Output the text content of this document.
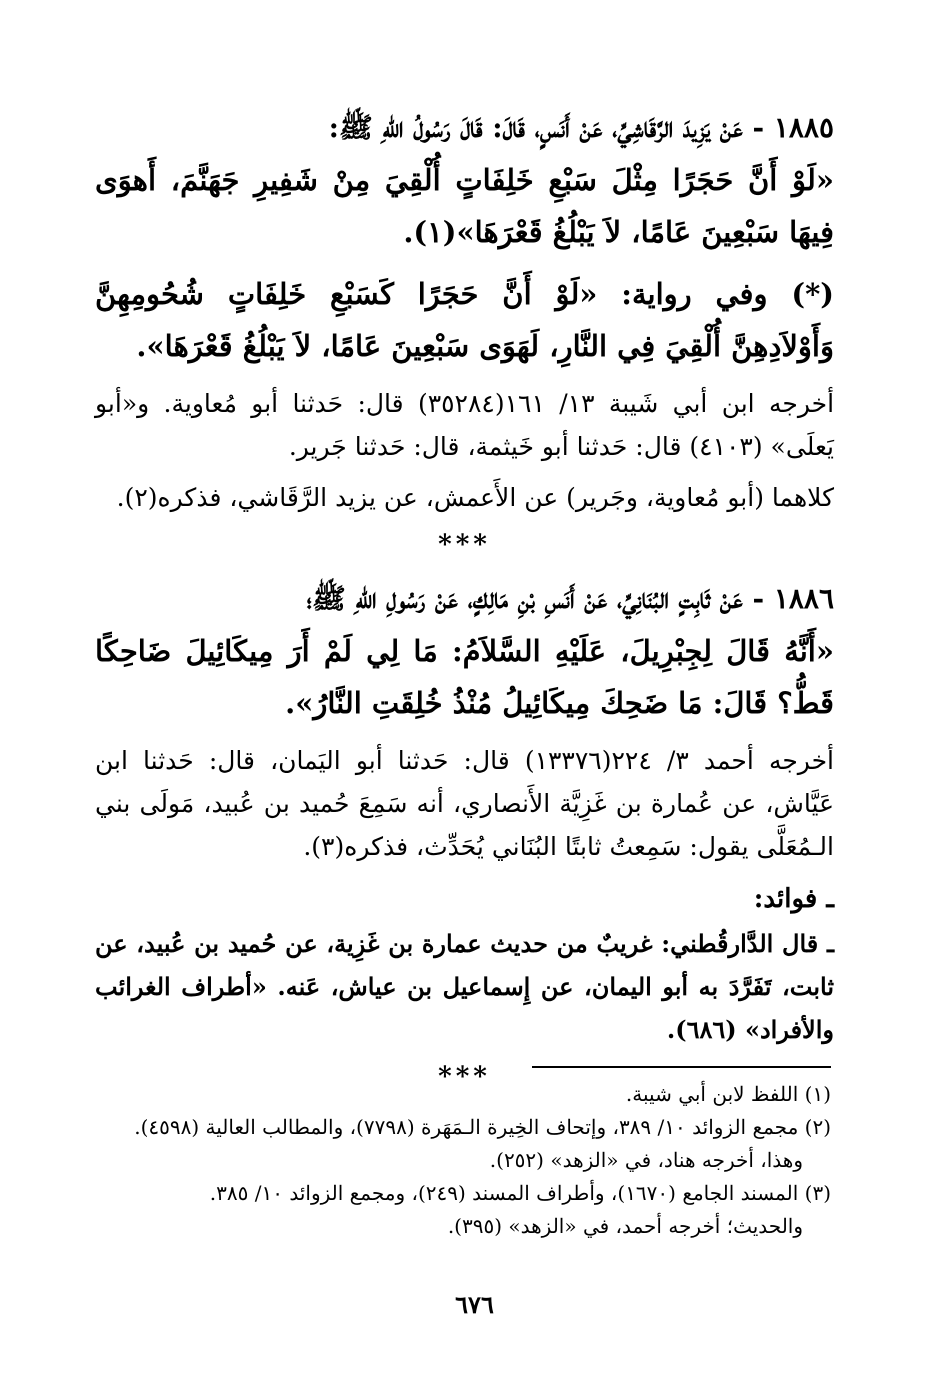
١٨٨٥ - عَنْ يَزِيدَ الرَّقَاشِيِّ، عَنْ أَنَسٍ، قَالَ: قَالَ رَسُولُ اللهِ ﷺ:

«لَوْ أَنَّ حَجَرًا مِثْلَ سَبْعِ خَلِفَاتٍ أُلْقِيَ مِنْ شَفِيرِ جَهَنَّمَ، أَهوَى فِيهَا سَبْعِينَ عَامًا، لاَ يَبْلُغُ قَعْرَهَا»(١).

(*) وفي رواية: «لَوْ أَنَّ حَجَرًا كَسَبْعِ خَلِفَاتٍ شُحُومِهِنَّ وَأَوْلاَدِهِنَّ أُلْقِيَ فِي النَّارِ، لَهَوَى سَبْعِينَ عَامًا، لاَ يَبْلُغُ قَعْرَهَا».

أخرجه ابن أبي شَيبة ١٣/ ١٦١(٣٥٢٨٤) قال: حَدثنا أبو مُعاوية. و«أبو يَعلَى» (٤١٠٣) قال: حَدثنا أبو خَيثمة، قال: حَدثنا جَرير.

كلاهما (أبو مُعاوية، وجَرير) عن الأَعمش، عن يزيد الرَّقَاشي، فذكره(٢).

***

١٨٨٦ - عَنْ ثَابِتٍ البُنَانِيِّ، عَنْ أَنَسِ بْنِ مَالِكٍ، عَنْ رَسُولِ اللهِ ﷺ؛

«أَنَّهُ قَالَ لِجِبْرِيلَ، عَلَيْهِ السَّلاَمُ: مَا لِي لَمْ أَرَ مِيكَائِيلَ ضَاحِكًا قَطُّ؟ قَالَ: مَا ضَحِكَ مِيكَائِيلُ مُنْذُ خُلِقَتِ النَّارُ».

أخرجه أحمد ٣/ ٢٢٤(١٣٣٧٦) قال: حَدثنا أبو اليَمان، قال: حَدثنا ابن عَيَّاش، عن عُمارة بن غَزِيَّة الأَنصاري، أنه سَمِعَ حُميد بن عُبيد، مَولَى بني الـمُعَلَّى يقول: سَمِعتُ ثابتًا البُنَاني يُحَدِّث، فذكره(٣).

ـ فوائد:

ـ قال الدَّارقُطني: غريبٌ من حديث عمارة بن غَزِية، عن حُميد بن عُبيد، عن ثابت، تَفَرَّدَ به أبو اليمان، عن إِسماعيل بن عياش، عَنه. «أطراف الغرائب والأفراد» (٦٨٦).

***

(١) اللفظ لابن أبي شيبة.

(٢) مجمع الزوائد ١٠/ ٣٨٩، وإتحاف الخِيرة الـمَهَرة (٧٧٩٨)، والمطالب العالية (٤٥٩٨).

وهذا، أخرجه هناد، في «الزهد» (٢٥٢).

(٣) المسند الجامع (١٦٧٠)، وأطراف المسند (٢٤٩)، ومجمع الزوائد ١٠/ ٣٨٥.

والحديث؛ أخرجه أحمد، في «الزهد» (٣٩٥).

٦٧٦
